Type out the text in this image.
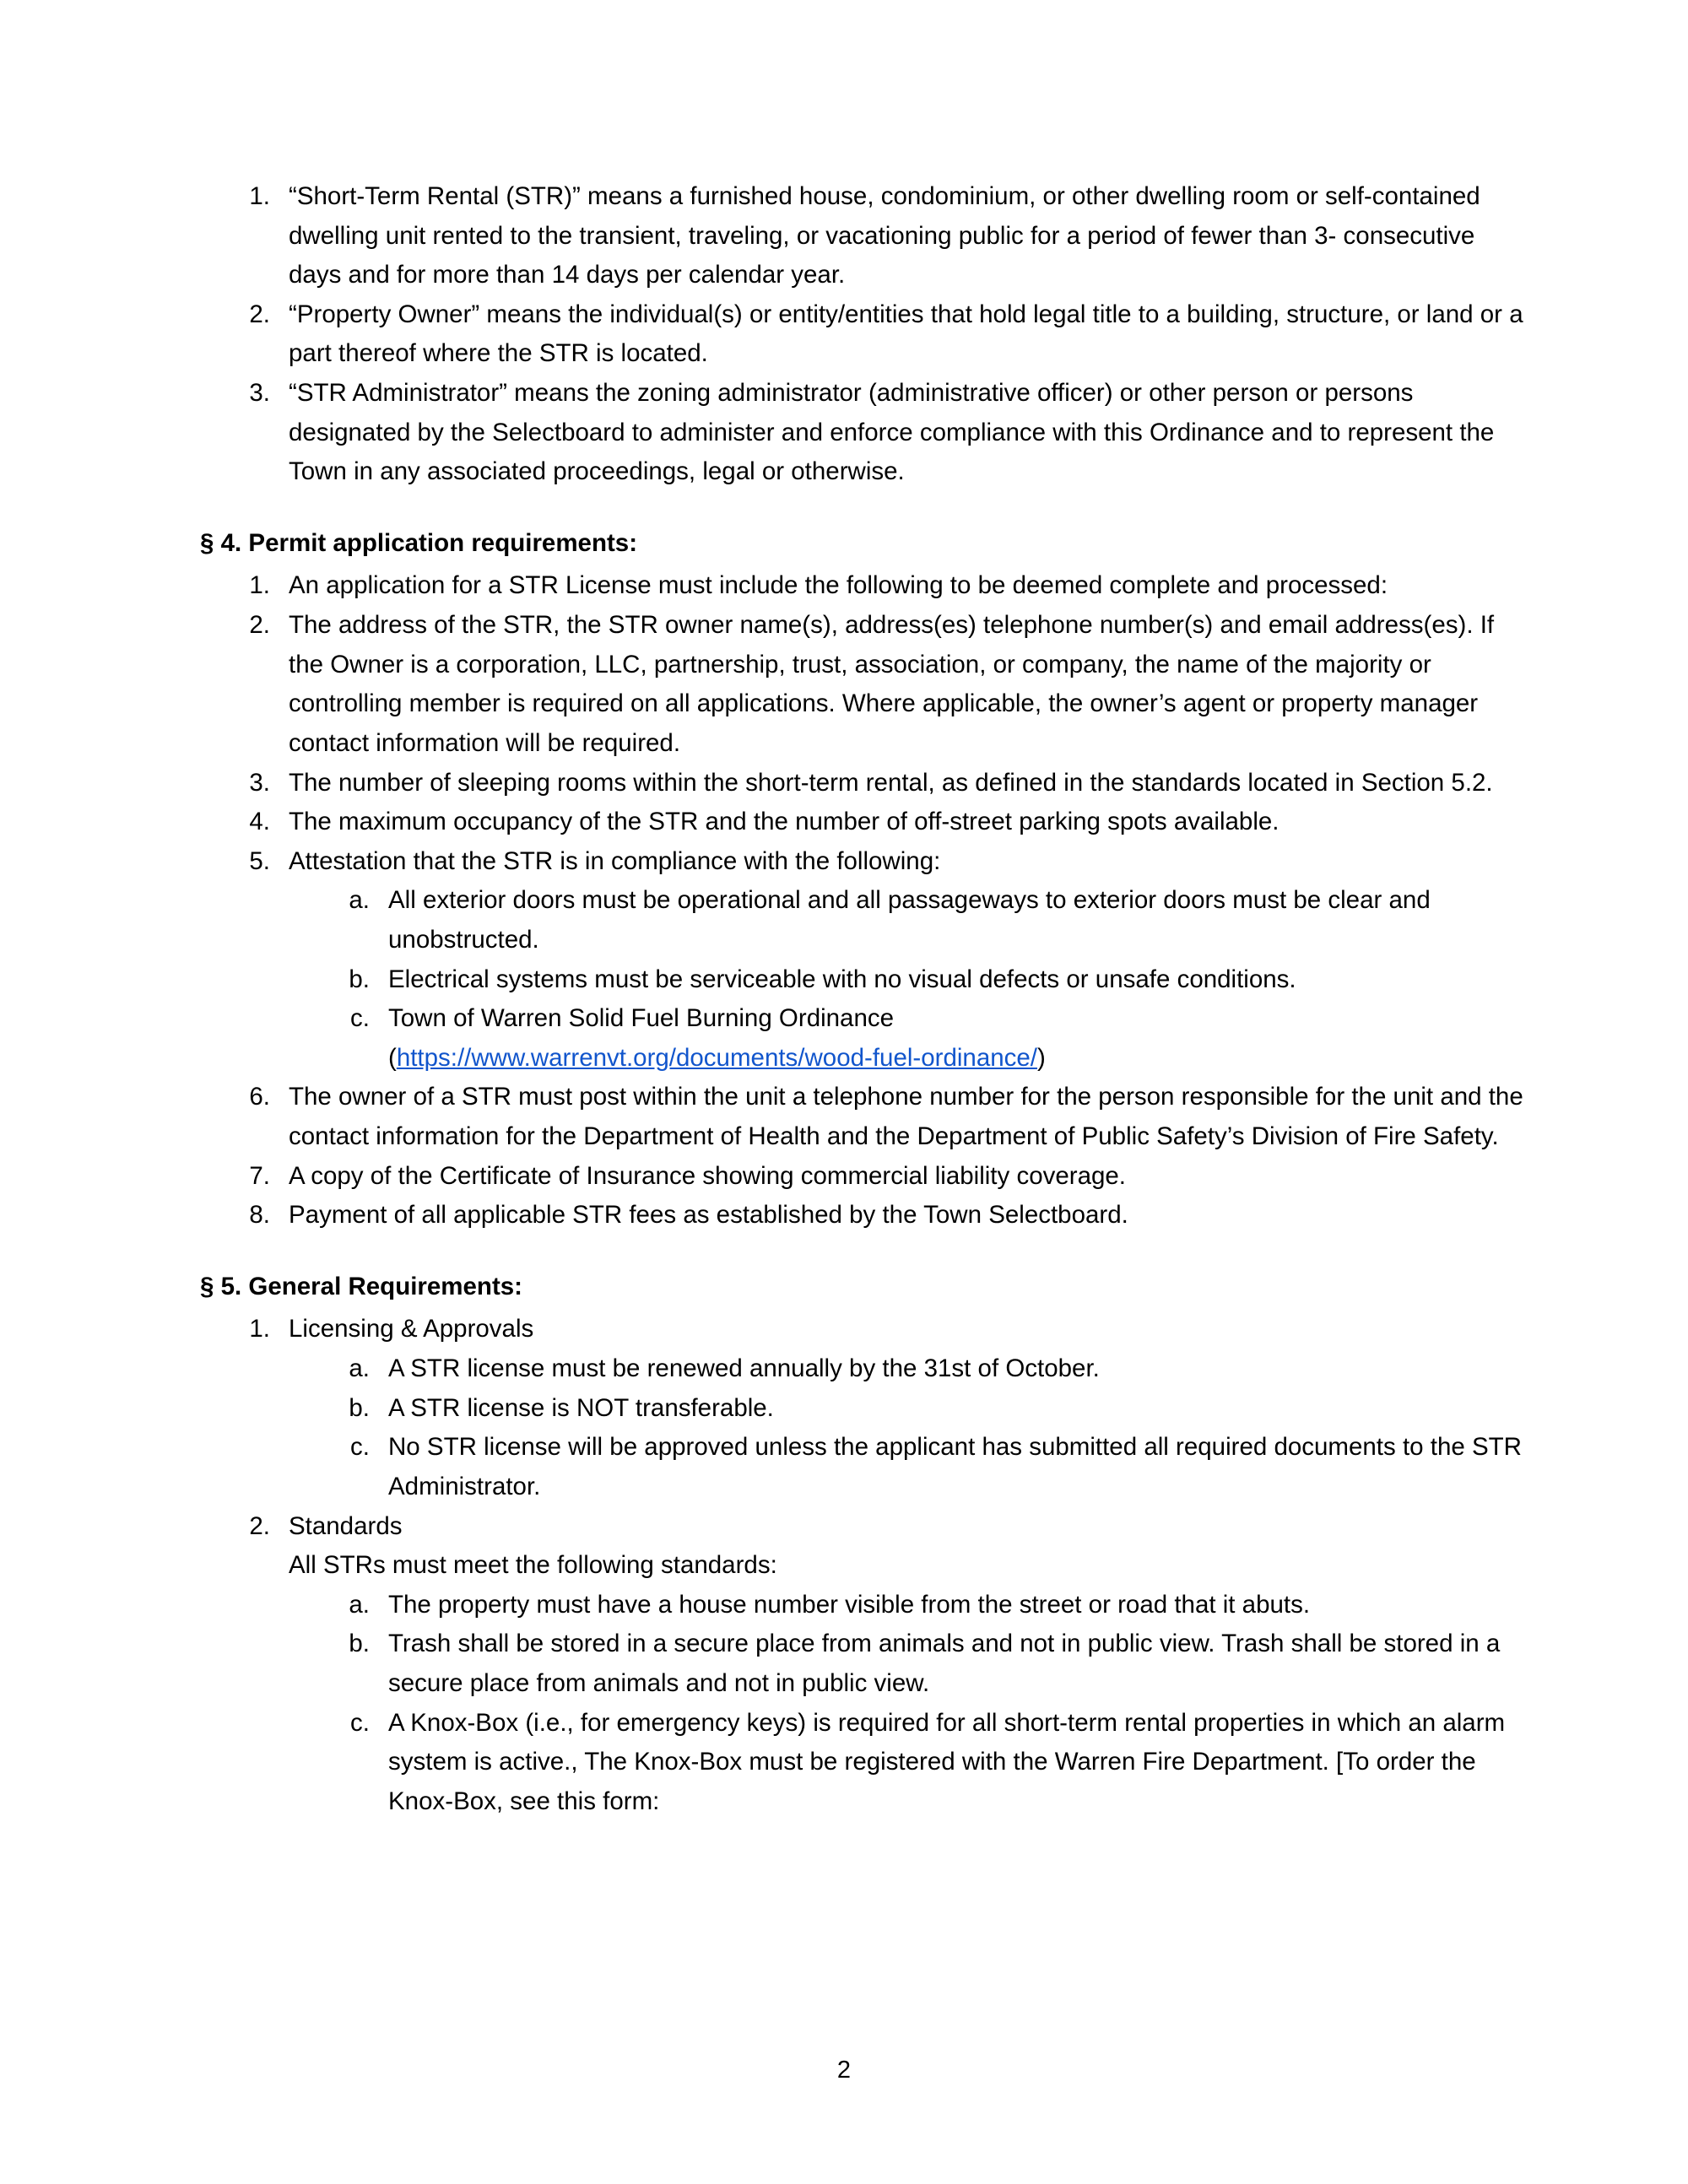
1. “Short-Term Rental (STR)” means a furnished house, condominium, or other dwelling room or self-contained dwelling unit rented to the transient, traveling, or vacationing public for a period of fewer than 3- consecutive days and for more than 14 days per calendar year.
2. “Property Owner” means the individual(s) or entity/entities that hold legal title to a building, structure, or land or a part thereof where the STR is located.
3. “STR Administrator” means the zoning administrator (administrative officer) or other person or persons designated by the Selectboard to administer and enforce compliance with this Ordinance and to represent the Town in any associated proceedings, legal or otherwise.
§ 4. Permit application requirements:
1. An application for a STR License must include the following to be deemed complete and processed:
2. The address of the STR, the STR owner name(s), address(es) telephone number(s) and email address(es). If the Owner is a corporation, LLC, partnership, trust, association, or company, the name of the majority or controlling member is required on all applications. Where applicable, the owner’s agent or property manager contact information will be required.
3. The number of sleeping rooms within the short-term rental, as defined in the standards located in Section 5.2.
4. The maximum occupancy of the STR and the number of off-street parking spots available.
5. Attestation that the STR is in compliance with the following:
a. All exterior doors must be operational and all passageways to exterior doors must be clear and unobstructed.
b. Electrical systems must be serviceable with no visual defects or unsafe conditions.
c. Town of Warren Solid Fuel Burning Ordinance
(https://www.warrenvt.org/documents/wood-fuel-ordinance/)
6. The owner of a STR must post within the unit a telephone number for the person responsible for the unit and the contact information for the Department of Health and the Department of Public Safety’s Division of Fire Safety.
7. A copy of the Certificate of Insurance showing commercial liability coverage.
8. Payment of all applicable STR fees as established by the Town Selectboard.
§ 5. General Requirements:
1. Licensing & Approvals
a. A STR license must be renewed annually by the 31st of October.
b. A STR license is NOT transferable.
c. No STR license will be approved unless the applicant has submitted all required documents to the STR Administrator.
2. Standards
All STRs must meet the following standards:
a. The property must have a house number visible from the street or road that it abuts.
b. Trash shall be stored in a secure place from animals and not in public view. Trash shall be stored in a secure place from animals and not in public view.
c. A Knox-Box (i.e., for emergency keys) is required for all short-term rental properties in which an alarm system is active., The Knox-Box must be registered with the Warren Fire Department. [To order the Knox-Box, see this form:
2
